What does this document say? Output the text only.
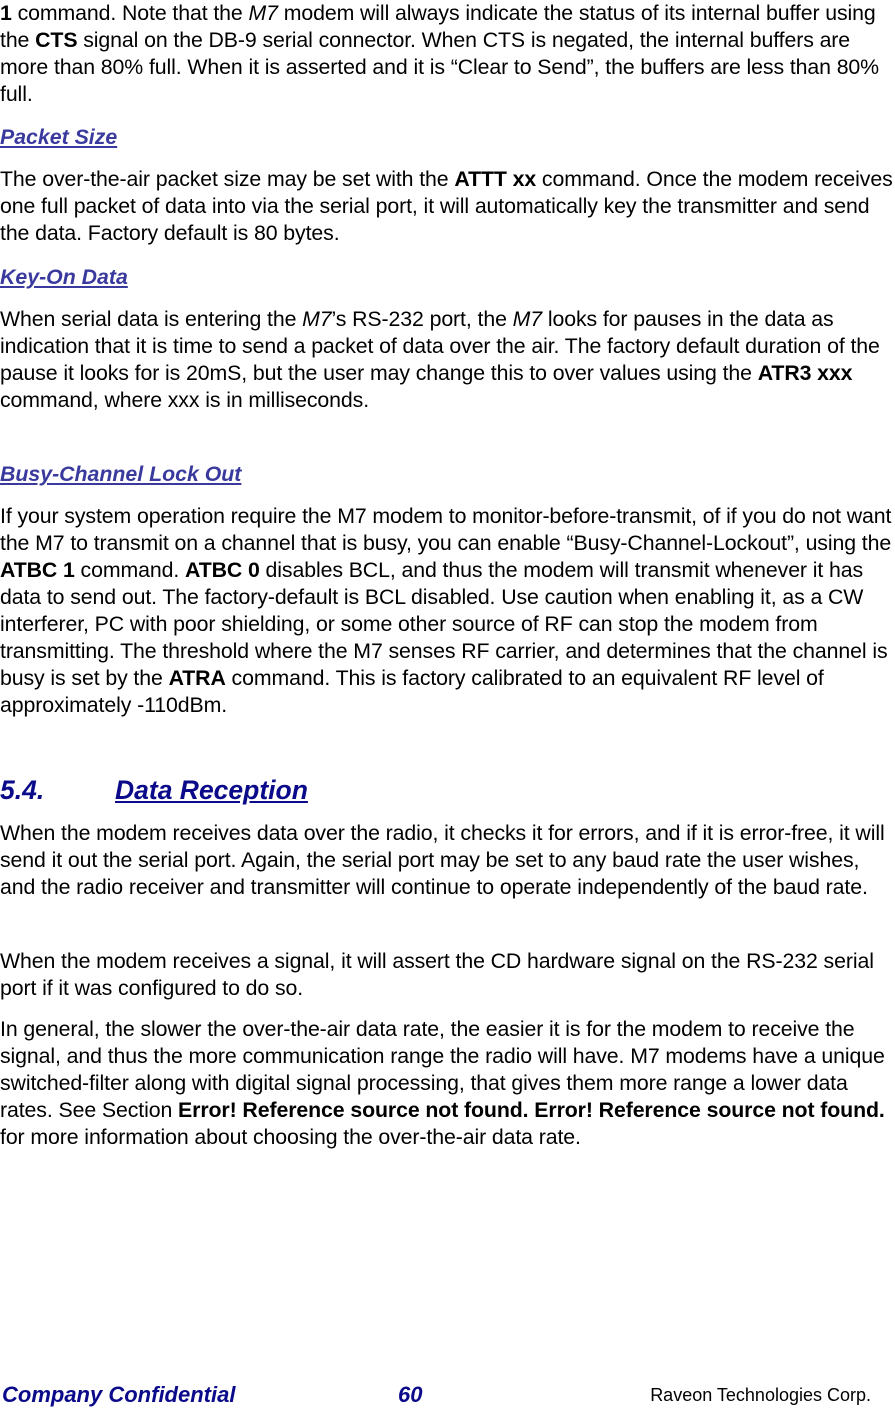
1 command. Note that the M7 modem will always indicate the status of its internal buffer using the CTS signal on the DB-9 serial connector. When CTS is negated, the internal buffers are more than 80% full. When it is asserted and it is “Clear to Send”, the buffers are less than 80% full.

Packet Size

The over-the-air packet size may be set with the ATTT xx command. Once the modem receives one full packet of data into via the serial port, it will automatically key the transmitter and send the data. Factory default is 80 bytes.

Key-On Data

When serial data is entering the M7’s RS-232 port, the M7 looks for pauses in the data as indication that it is time to send a packet of data over the air. The factory default duration of the pause it looks for is 20mS, but the user may change this to over values using the ATR3 xxx command, where xxx is in milliseconds.

Busy-Channel Lock Out

If your system operation require the M7 modem to monitor-before-transmit, of if you do not want the M7 to transmit on a channel that is busy, you can enable “Busy-Channel-Lockout”, using the ATBC 1 command. ATBC 0 disables BCL, and thus the modem will transmit whenever it has data to send out. The factory-default is BCL disabled. Use caution when enabling it, as a CW interferer, PC with poor shielding, or some other source of RF can stop the modem from transmitting. The threshold where the M7 senses RF carrier, and determines that the channel is busy is set by the ATRA command. This is factory calibrated to an equivalent RF level of approximately -110dBm.

5.4.	Data Reception

When the modem receives data over the radio, it checks it for errors, and if it is error-free, it will send it out the serial port. Again, the serial port may be set to any baud rate the user wishes, and the radio receiver and transmitter will continue to operate independently of the baud rate.

When the modem receives a signal, it will assert the CD hardware signal on the RS-232 serial port if it was configured to do so.

In general, the slower the over-the-air data rate, the easier it is for the modem to receive the signal, and thus the more communication range the radio will have. M7 modems have a unique switched-filter along with digital signal processing, that gives them more range a lower data rates. See Section Error! Reference source not found. Error! Reference source not found. for more information about choosing the over-the-air data rate.

Company Confidential	60	Raveon Technologies Corp.
